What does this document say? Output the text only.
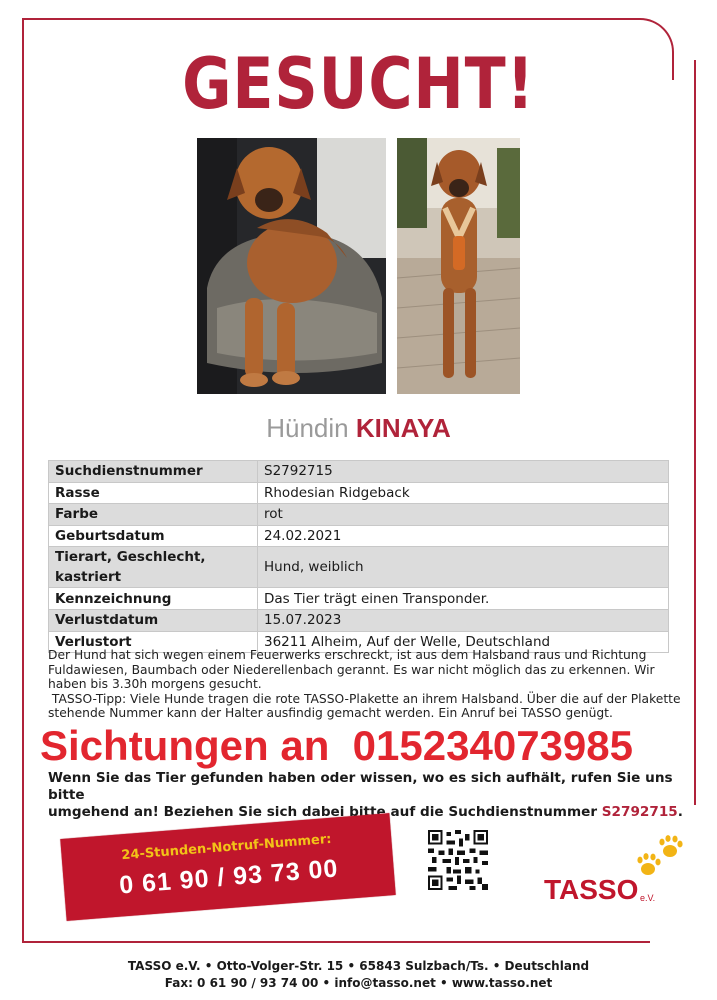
GESUCHT!
Hündin KINAYA
Suchdienstnummer	S2792715
Rasse	Rhodesian Ridgeback
Farbe	rot
Geburtsdatum	24.02.2021
Tierart, Geschlecht, kastriert	Hund, weiblich
Kennzeichnung	Das Tier trägt einen Transponder.
Verlustdatum	15.07.2023
Verlustort	36211 Alheim, Auf der Welle, Deutschland

Der Hund hat sich wegen einem Feuerwerks erschreckt, ist aus dem Halsband raus und Richtung

Fuldawiesen, Baumbach oder Niederellenbach gerannt. Es war nicht möglich das zu erkennen. Wir

haben bis 3.30h morgens gesucht.

TASSO-Tipp: Viele Hunde tragen die rote TASSO-Plakette an ihrem Halsband. Über die auf der Plakette

stehende Nummer kann der Halter ausfindig gemacht werden. Ein Anruf bei TASSO genügt.

Sichtungen an  015234073985
Wenn Sie das Tier gefunden haben oder wissen, wo es sich aufhält, rufen Sie uns bitte
umgehend an! Beziehen Sie sich dabei bitte auf die Suchdienstnummer S2792715.
24-Stunden-Notruf-Nummer:
0 61 90 / 93 73 00	TASSO e.V.
TASSO e.V. • Otto-Volger-Str. 15 • 65843 Sulzbach/Ts. • Deutschland
Fax: 0 61 90 / 93 74 00 • info@tasso.net • www.tasso.net
